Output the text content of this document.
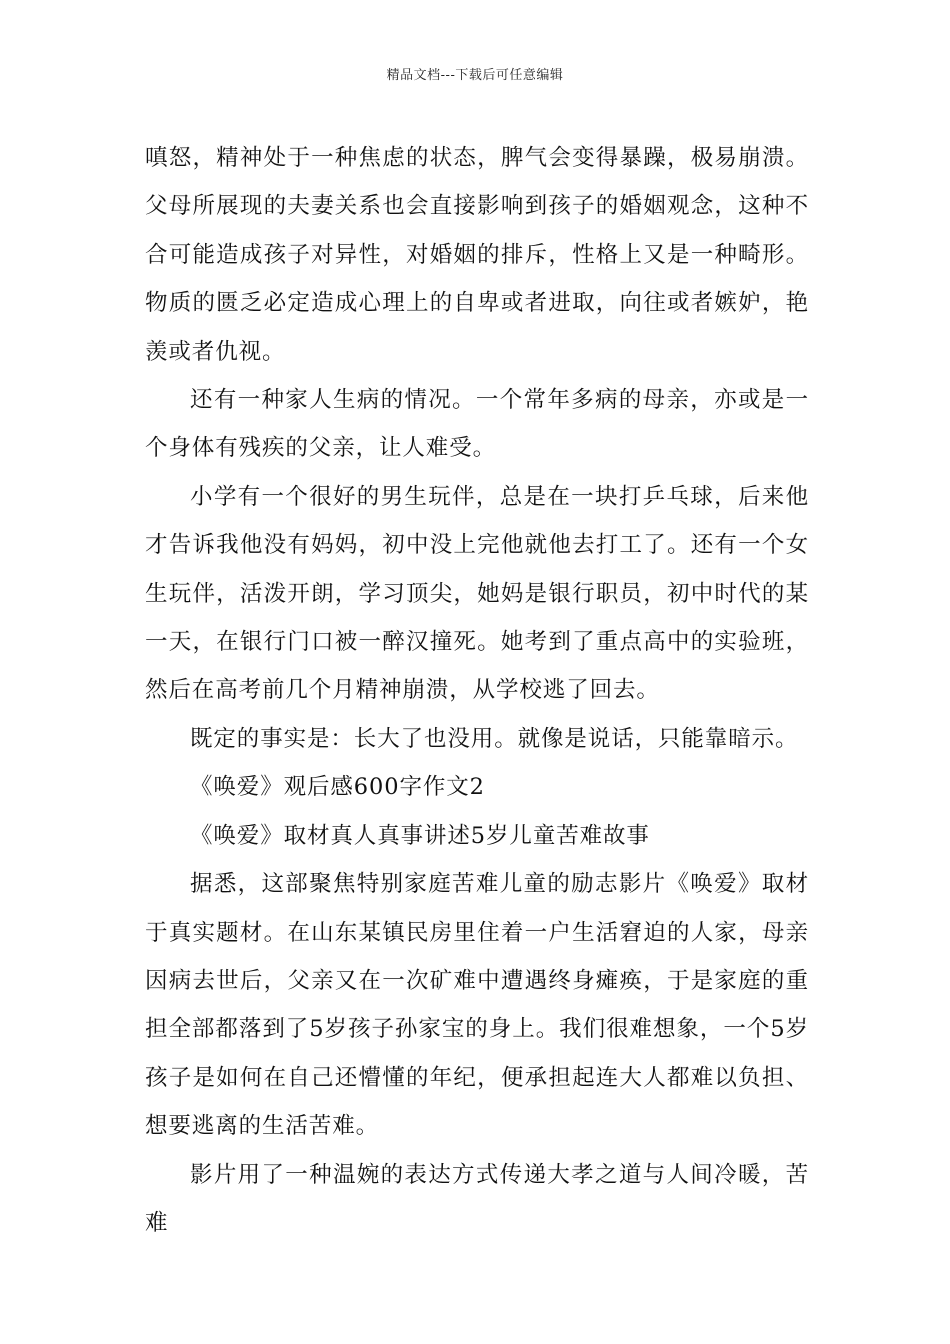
精品文档---下载后可任意编辑

嗔怒，精神处于一种焦虑的状态，脾气会变得暴躁，极易崩溃。父母所展现的夫妻关系也会直接影响到孩子的婚姻观念，这种不合可能造成孩子对异性，对婚姻的排斥，性格上又是一种畸形。物质的匮乏必定造成心理上的自卑或者进取，向往或者嫉妒，艳羡或者仇视。

还有一种家人生病的情况。一个常年多病的母亲，亦或是一个身体有残疾的父亲，让人难受。

小学有一个很好的男生玩伴，总是在一块打乒乓球，后来他才告诉我他没有妈妈，初中没上完他就他去打工了。还有一个女生玩伴，活泼开朗，学习顶尖，她妈是银行职员，初中时代的某一天，在银行门口被一醉汉撞死。她考到了重点高中的实验班，然后在高考前几个月精神崩溃，从学校逃了回去。

既定的事实是：长大了也没用。就像是说话，只能靠暗示。

《唤爱》观后感600字作文2

《唤爱》取材真人真事讲述5岁儿童苦难故事

据悉，这部聚焦特别家庭苦难儿童的励志影片《唤爱》取材于真实题材。在山东某镇民房里住着一户生活窘迫的人家，母亲因病去世后，父亲又在一次矿难中遭遇终身瘫痪，于是家庭的重担全部都落到了5岁孩子孙家宝的身上。我们很难想象，一个5岁孩子是如何在自己还懵懂的年纪，便承担起连大人都难以负担、想要逃离的生活苦难。

影片用了一种温婉的表达方式传递大孝之道与人间冷暖，苦难
